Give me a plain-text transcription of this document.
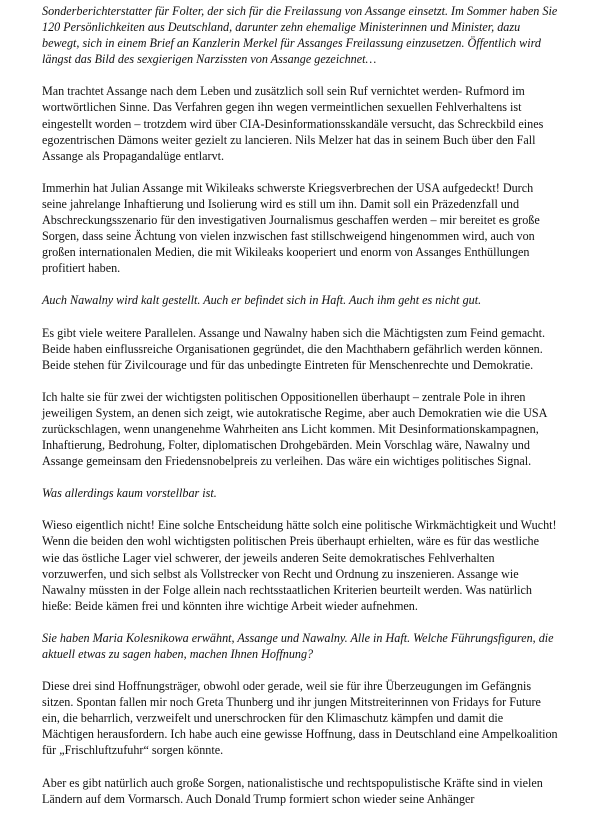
Sonderberichterstatter für Folter, der sich für die Freilassung von Assange einsetzt. Im Sommer haben Sie 120 Persönlichkeiten aus Deutschland, darunter zehn ehemalige Ministerinnen und Minister, dazu bewegt, sich in einem Brief an Kanzlerin Merkel für Assanges Freilassung einzusetzen. Öffentlich wird längst das Bild des sexgierigen Narzissten von Assange gezeichnet…

Man trachtet Assange nach dem Leben und zusätzlich soll sein Ruf vernichtet werden- Rufmord im wortwörtlichen Sinne. Das Verfahren gegen ihn wegen vermeintlichen sexuellen Fehlverhaltens ist eingestellt worden – trotzdem wird über CIA-Desinformationsskandäle versucht, das Schreckbild eines egozentrischen Dämons weiter gezielt zu lancieren. Nils Melzer hat das in seinem Buch über den Fall Assange als Propagandalüge entlarvt.

Immerhin hat Julian Assange mit Wikileaks schwerste Kriegsverbrechen der USA aufgedeckt! Durch seine jahrelange Inhaftierung und Isolierung wird es still um ihn. Damit soll ein Präzedenzfall und Abschreckungsszenario für den investigativen Journalismus geschaffen werden – mir bereitet es große Sorgen, dass seine Ächtung von vielen inzwischen fast stillschweigend hingenommen wird, auch von großen internationalen Medien, die mit Wikileaks kooperiert und enorm von Assanges Enthüllungen profitiert haben.

Auch Nawalny wird kalt gestellt. Auch er befindet sich in Haft. Auch ihm geht es nicht gut.

Es gibt viele weitere Parallelen. Assange und Nawalny haben sich die Mächtigsten zum Feind gemacht. Beide haben einflussreiche Organisationen gegründet, die den Machthabern gefährlich werden können. Beide stehen für Zivilcourage und für das unbedingte Eintreten für Menschenrechte und Demokratie.

Ich halte sie für zwei der wichtigsten politischen Oppositionellen überhaupt – zentrale Pole in ihren jeweiligen System, an denen sich zeigt, wie autokratische Regime, aber auch Demokratien wie die USA zurückschlagen, wenn unangenehme Wahrheiten ans Licht kommen. Mit Desinformationskampagnen, Inhaftierung, Bedrohung, Folter, diplomatischen Drohgebärden. Mein Vorschlag wäre, Nawalny und Assange gemeinsam den Friedensnobelpreis zu verleihen. Das wäre ein wichtiges politisches Signal.

Was allerdings kaum vorstellbar ist.

Wieso eigentlich nicht! Eine solche Entscheidung hätte solch eine politische Wirkmächtigkeit und Wucht! Wenn die beiden den wohl wichtigsten politischen Preis überhaupt erhielten, wäre es für das westliche wie das östliche Lager viel schwerer, der jeweils anderen Seite demokratisches Fehlverhalten vorzuwerfen, und sich selbst als Vollstrecker von Recht und Ordnung zu inszenieren. Assange wie Nawalny müssten in der Folge allein nach rechtsstaatlichen Kriterien beurteilt werden. Was natürlich hieße: Beide kämen frei und könnten ihre wichtige Arbeit wieder aufnehmen.

Sie haben Maria Kolesnikowa erwähnt, Assange und Nawalny. Alle in Haft. Welche Führungsfiguren, die aktuell etwas zu sagen haben, machen Ihnen Hoffnung?

Diese drei sind Hoffnungsträger, obwohl oder gerade, weil sie für ihre Überzeugungen im Gefängnis sitzen. Spontan fallen mir noch Greta Thunberg und ihr jungen Mitstreiterinnen von Fridays for Future ein, die beharrlich, verzweifelt und unerschrocken für den Klimaschutz kämpfen und damit die Mächtigen herausfordern. Ich habe auch eine gewisse Hoffnung, dass in Deutschland eine Ampelkoalition für „Frischluftzufuhr“ sorgen könnte.

Aber es gibt natürlich auch große Sorgen, nationalistische und rechtspopulistische Kräfte sind in vielen Ländern auf dem Vormarsch. Auch Donald Trump formiert schon wieder seine Anhänger
